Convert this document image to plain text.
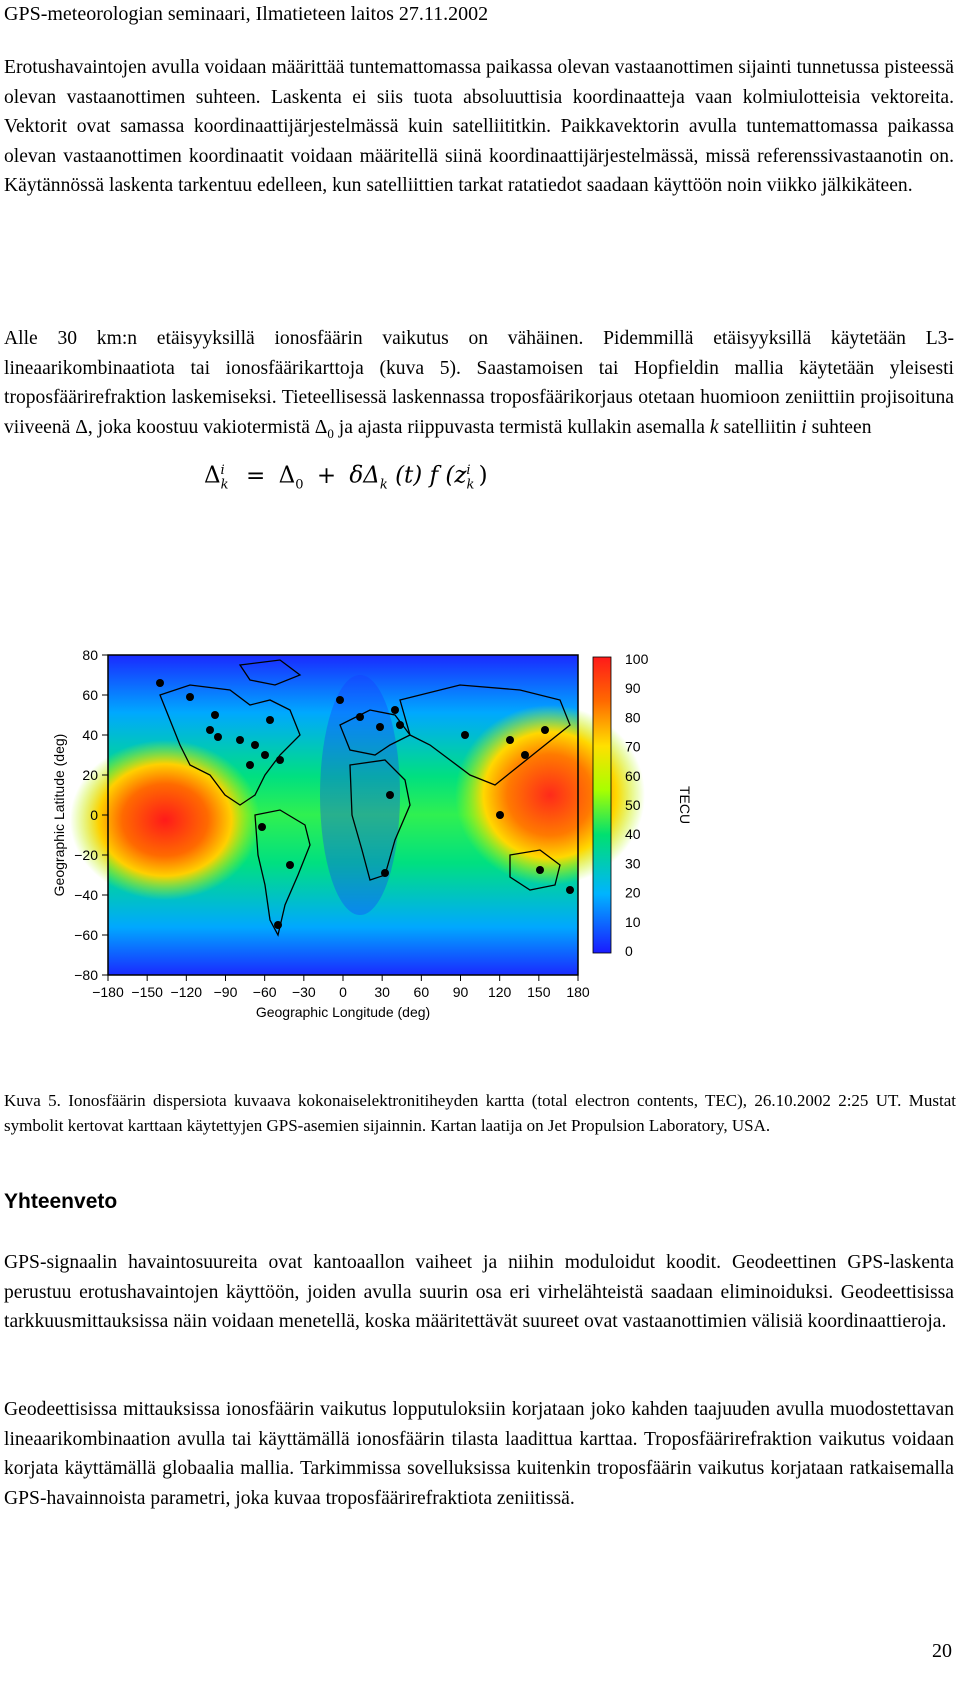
GPS-meteorologian seminaari, Ilmatieteen laitos 27.11.2002

Erotushavaintojen avulla voidaan määrittää tuntemattomassa paikassa olevan vastaanottimen sijainti tunnetussa pisteessä olevan vastaanottimen suhteen. Laskenta ei siis tuota absoluuttisia koordinaatteja vaan kolmiulotteisia vektoreita. Vektorit ovat samassa koordinaattijärjestelmässä kuin satelliititkin. Paikkavektorin avulla tuntemattomassa paikassa olevan vastaanottimen koordinaatit voidaan määritellä siinä koordinaattijärjestelmässä, missä referenssivastaanotin on. Käytännössä laskenta tarkentuu edelleen, kun satelliittien tarkat ratatiedot saadaan käyttöön noin viikko jälkikäteen.

Alle 30 km:n etäisyyksillä ionosfäärin vaikutus on vähäinen. Pidemmillä etäisyyksillä käytetään L3-lineaarikombinaatiota tai ionosfäärikarttoja (kuva 5). Saastamoisen tai Hopfieldin mallia käytetään yleisesti troposfäärirefraktion laskemiseksi. Tieteellisessä laskennassa troposfäärikorjaus otetaan huomioon zeniittiin projisoituna viiveenä Δ, joka koostuu vakiotermistä $\Delta_0$ ja ajasta riippuvasta termistä kullakin asemalla k satelliitin i suhteen

$\Delta_k^i = \Delta_0 + \delta\Delta_k$ (t) f ($z_k^i$ )
80
60
40
20
0
−20
−40
−60
−80
−180 −150 −120 −90 −60 −30 0 30 60 90 120 150 180
Geographic Longitude (deg)
Geographic Latitude (deg)
100
90
80
70
60
50
40
30
20
10
0
TECU

Kuva 5. Ionosfäärin dispersiota kuvaava kokonaiselektronitiheyden kartta (total electron contents, TEC), 26.10.2002 2:25 UT. Mustat symbolit kertovat karttaan käytettyjen GPS-asemien sijainnin. Kartan laatija on Jet Propulsion Laboratory, USA.

Yhteenveto

GPS-signaalin havaintosuureita ovat kantoaallon vaiheet ja niihin moduloidut koodit. Geodeettinen GPS-laskenta perustuu erotushavaintojen käyttöön, joiden avulla suurin osa eri virhelähteistä saadaan eliminoiduksi. Geodeettisissa tarkkuusmittauksissa näin voidaan menetellä, koska määritettävät suureet ovat vastaanottimien välisiä koordinaattieroja.

Geodeettisissa mittauksissa ionosfäärin vaikutus lopputuloksiin korjataan joko kahden taajuuden avulla muodostettavan lineaarikombinaation avulla tai käyttämällä ionosfäärin tilasta laadittua karttaa. Troposfäärirefraktion vaikutus voidaan korjata käyttämällä globaalia mallia. Tarkimmissa sovelluksissa kuitenkin troposfäärin vaikutus korjataan ratkaisemalla GPS-havainnoista parametri, joka kuvaa troposfäärirefraktiota zeniitissä.

20
